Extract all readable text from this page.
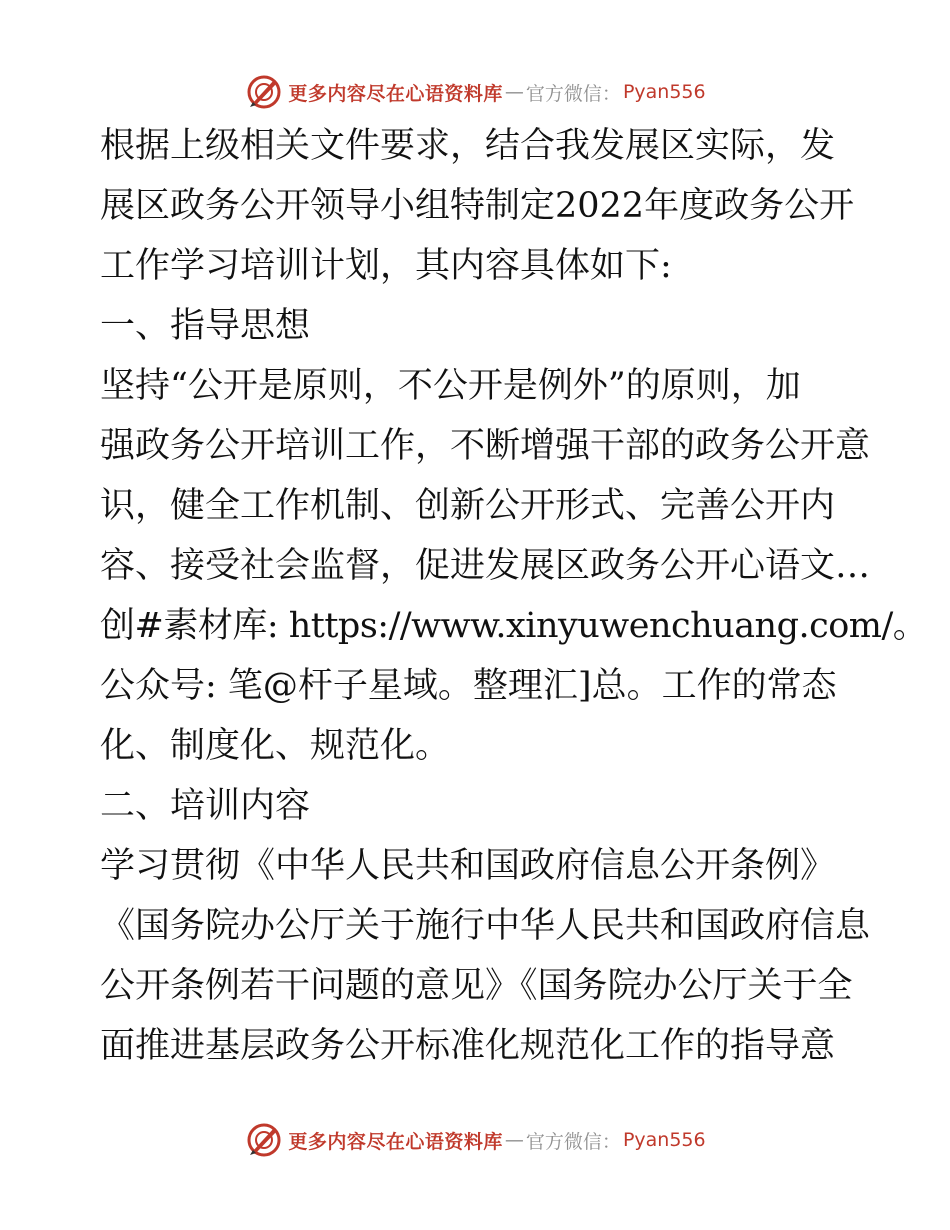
更多内容尽在心语资料库 — 官方微信： Pyan556
根据上级相关文件要求，结合我发展区实际，发
展区政务公开领导小组特制定2022年度政务公开
工作学习培训计划，其内容具体如下:
一、指导思想
坚持“公开是原则，不公开是例外”的原则，加
强政务公开培训工作，不断增强干部的政务公开意
识，健全工作机制、创新公开形式、完善公开内
容、接受社会监督，促进发展区政务公开心语文…
创#素材库: https://www.xinyuwenchuang.com/。
公众号: 笔@杆子星域。整理汇]总。工作的常态
化、制度化、规范化。
二、培训内容
学习贯彻《中华人民共和国政府信息公开条例》
《国务院办公厅关于施行中华人民共和国政府信息
公开条例若干问题的意见》《国务院办公厅关于全
面推进基层政务公开标准化规范化工作的指导意
更多内容尽在心语资料库 — 官方微信： Pyan556
